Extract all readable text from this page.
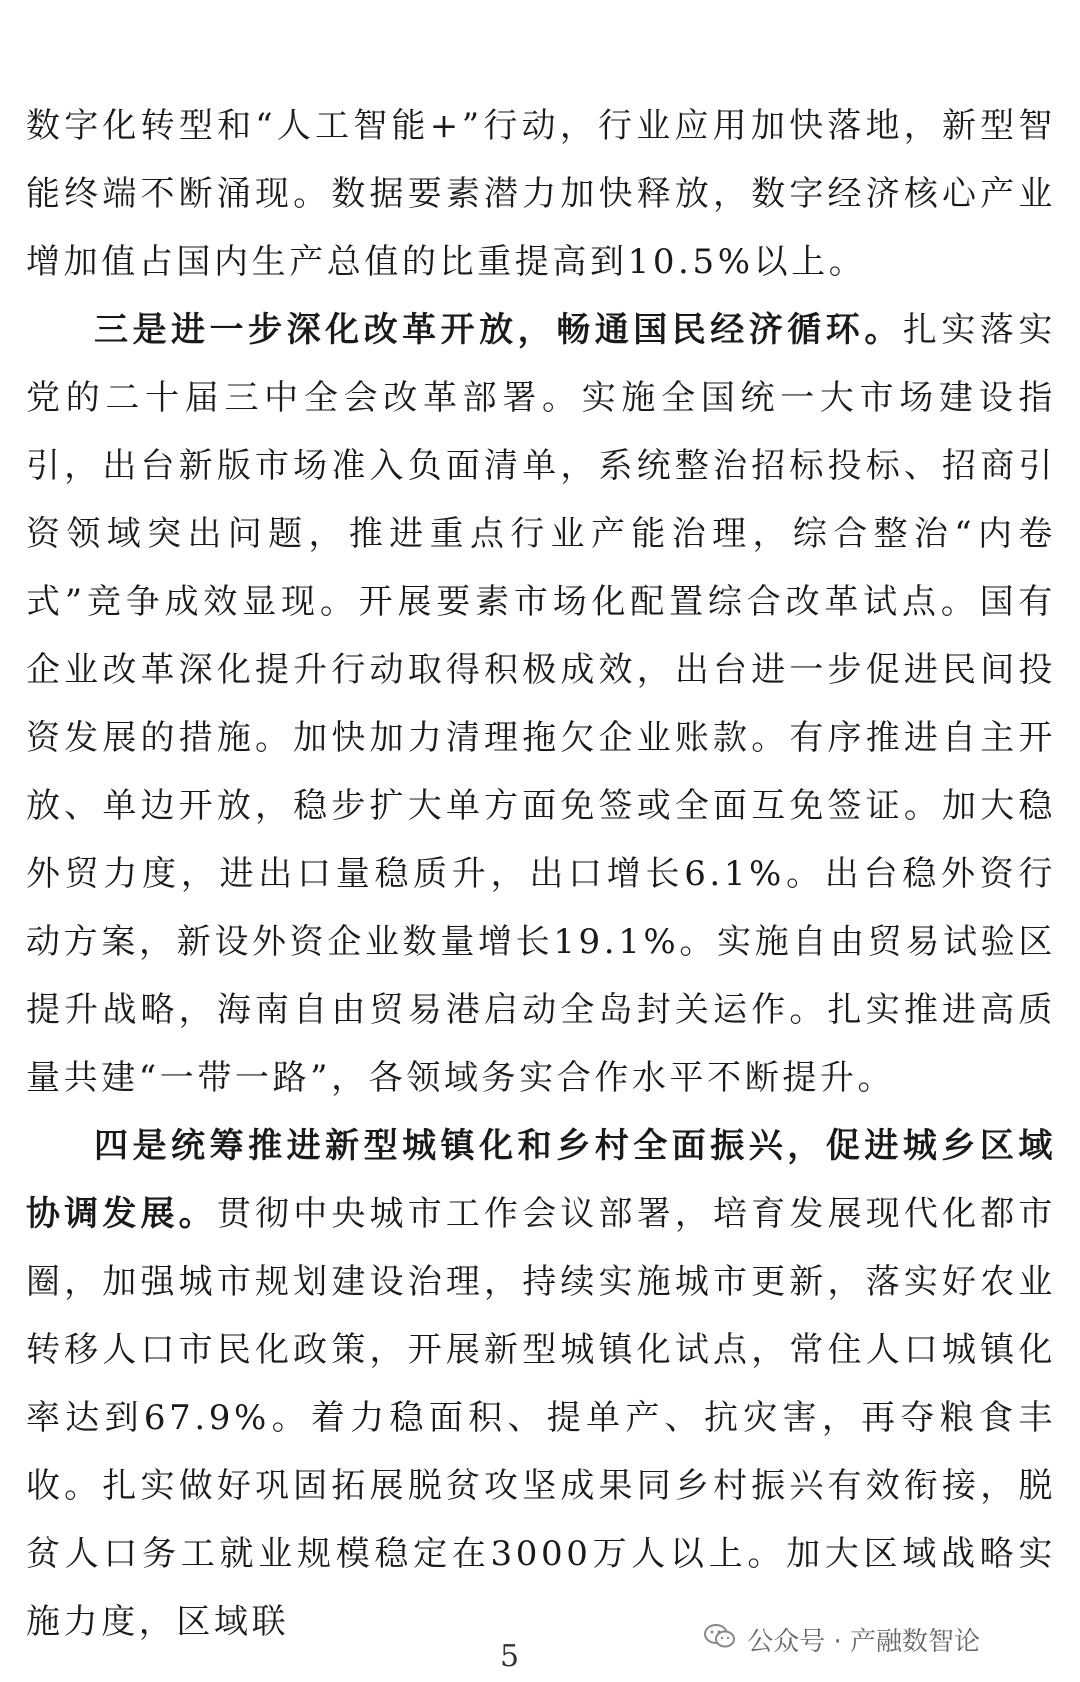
数字化转型和“人工智能+”行动，行业应用加快落地，新型智能终端不断涌现。数据要素潜力加快释放，数字经济核心产业增加值占国内生产总值的比重提高到10.5%以上。

三是进一步深化改革开放，畅通国民经济循环。扎实落实党的二十届三中全会改革部署。实施全国统一大市场建设指引，出台新版市场准入负面清单，系统整治招标投标、招商引资领域突出问题，推进重点行业产能治理，综合整治“内卷式”竞争成效显现。开展要素市场化配置综合改革试点。国有企业改革深化提升行动取得积极成效，出台进一步促进民间投资发展的措施。加快加力清理拖欠企业账款。有序推进自主开放、单边开放，稳步扩大单方面免签或全面互免签证。加大稳外贸力度，进出口量稳质升，出口增长6.1%。出台稳外资行动方案，新设外资企业数量增长19.1%。实施自由贸易试验区提升战略，海南自由贸易港启动全岛封关运作。扎实推进高质量共建“一带一路”，各领域务实合作水平不断提升。

四是统筹推进新型城镇化和乡村全面振兴，促进城乡区域协调发展。贯彻中央城市工作会议部署，培育发展现代化都市圈，加强城市规划建设治理，持续实施城市更新，落实好农业转移人口市民化政策，开展新型城镇化试点，常住人口城镇化率达到67.9%。着力稳面积、提单产、抗灾害，再夺粮食丰收。扎实做好巩固拓展脱贫攻坚成果同乡村振兴有效衔接，脱贫人口务工就业规模稳定在3000万人以上。加大区域战略实施力度，区域联	公众号 · 产融数智论
5
